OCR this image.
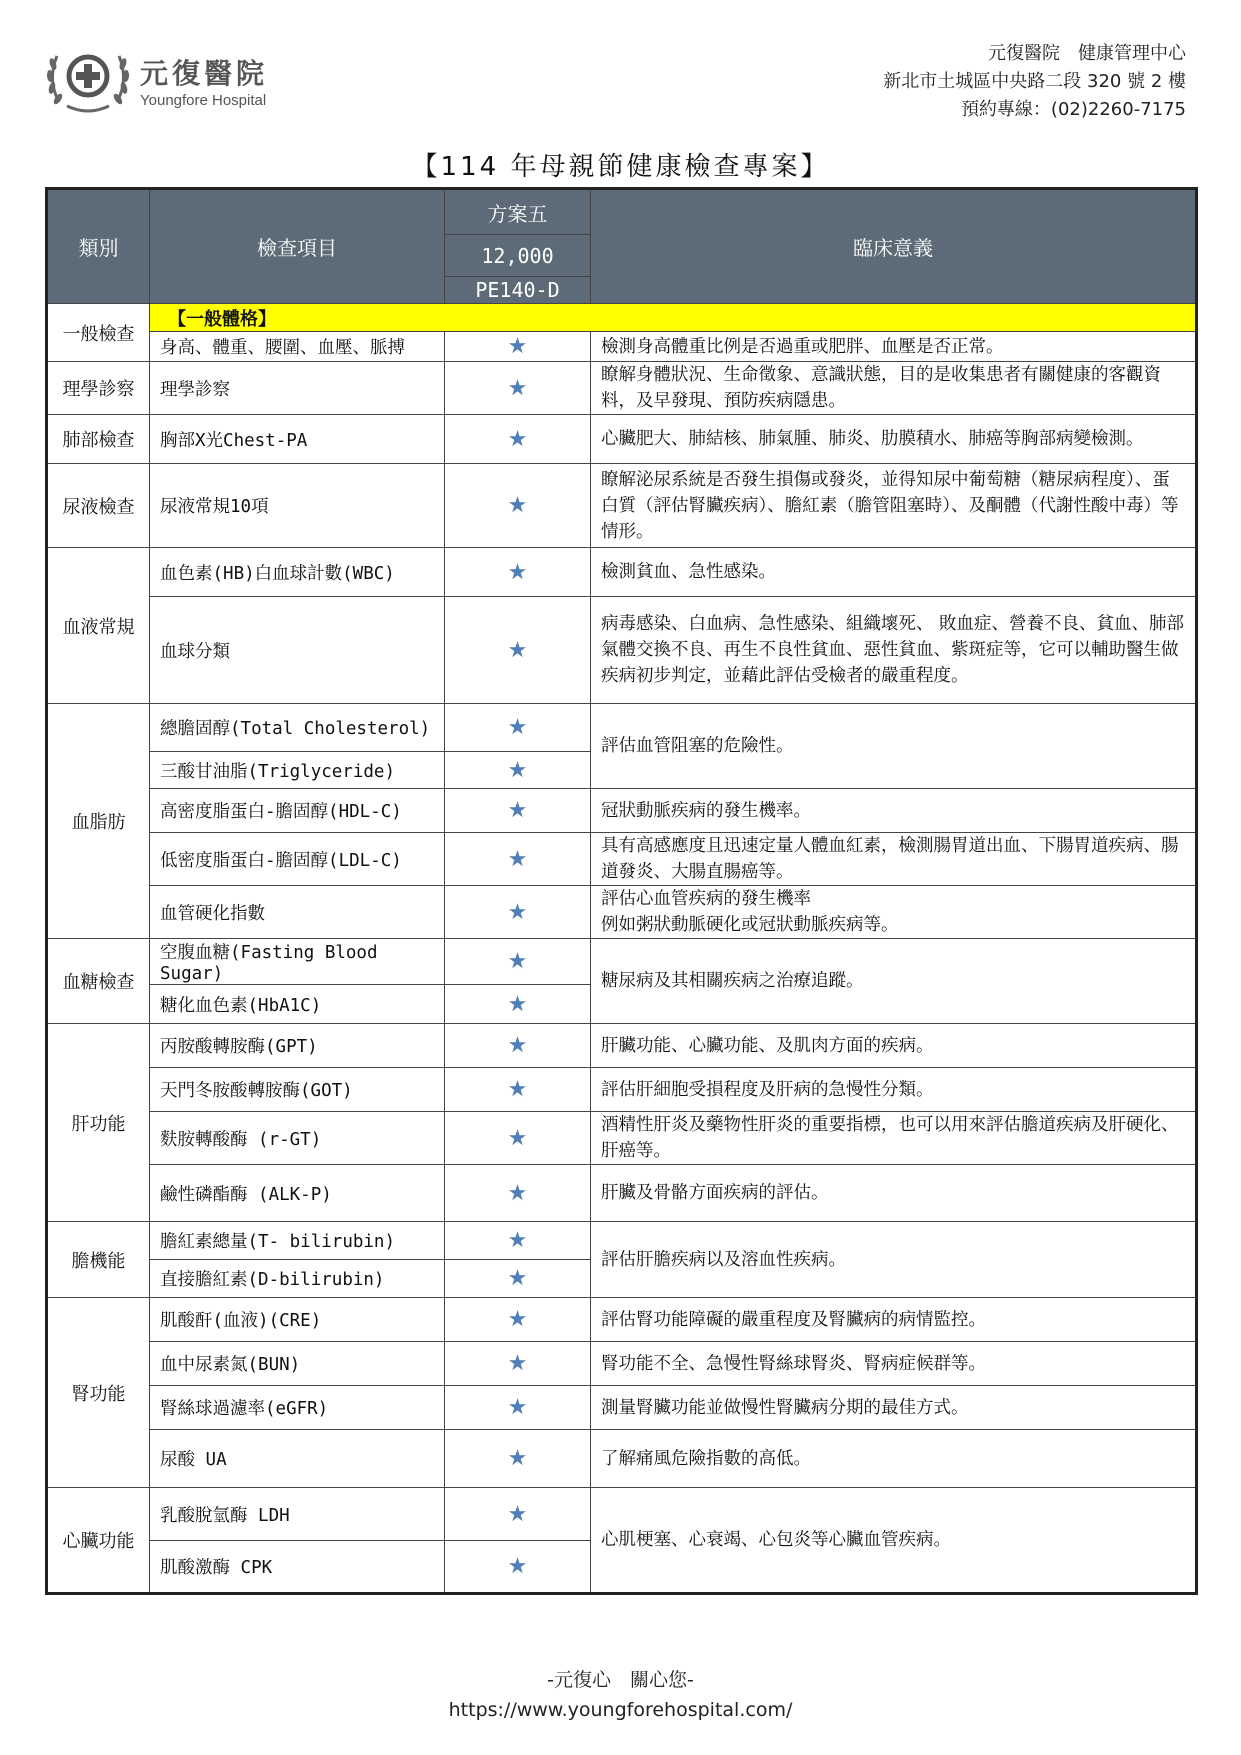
元復醫院
Youngfore Hospital
元復醫院　健康管理中心
新北市土城區中央路二段 320 號 2 樓
預約專線：(02)2260-7175
【114 年母親節健康檢查專案】
類別	檢查項目	方案五	臨床意義
		12,000	
		PE140-D	
一般檢查	【一般體格】		
	身高、體重、腰圍、血壓、脈搏	★	檢測身高體重比例是否過重或肥胖、血壓是否正常。
理學診察	理學診察	★	瞭解身體狀況、生命徵象、意識狀態，目的是收集患者有關健康的客觀資料，及早發現、預防疾病隱患。
肺部檢查	胸部X光Chest-PA	★	心臟肥大、肺結核、肺氣腫、肺炎、肋膜積水、肺癌等胸部病變檢測。
尿液檢查	尿液常規10項	★	瞭解泌尿系統是否發生損傷或發炎，並得知尿中葡萄糖（糖尿病程度）、蛋白質（評估腎臟疾病）、膽紅素（膽管阻塞時）、及酮體（代謝性酸中毒）等情形。
血液常規	血色素(HB)白血球計數(WBC)	★	檢測貧血、急性感染。
	血球分類	★	病毒感染、白血病、急性感染、組織壞死、 敗血症、營養不良、貧血、肺部氣體交換不良、再生不良性貧血、惡性貧血、紫斑症等，它可以輔助醫生做疾病初步判定，並藉此評估受檢者的嚴重程度。
血脂肪	總膽固醇(Total Cholesterol)	★	評估血管阻塞的危險性。
	三酸甘油脂(Triglyceride)	★	
	高密度脂蛋白-膽固醇(HDL-C)	★	冠狀動脈疾病的發生機率。
	低密度脂蛋白-膽固醇(LDL-C)	★	具有高感應度且迅速定量人體血紅素，檢測腸胃道出血、下腸胃道疾病、腸道發炎、大腸直腸癌等。
	血管硬化指數	★	評估心血管疾病的發生機率
例如粥狀動脈硬化或冠狀動脈疾病等。

血糖檢查	空腹血糖(Fasting Blood Sugar)	★	糖尿病及其相關疾病之治療追蹤。
	糖化血色素(HbA1C)	★	
肝功能	丙胺酸轉胺酶(GPT)	★	肝臟功能、心臟功能、及肌肉方面的疾病。
	天門冬胺酸轉胺酶(GOT)	★	評估肝細胞受損程度及肝病的急慢性分類。
	麩胺轉酸酶 (r-GT)	★	酒精性肝炎及藥物性肝炎的重要指標，也可以用來評估膽道疾病及肝硬化、肝癌等。
	鹼性磷酯酶 (ALK-P)	★	肝臟及骨骼方面疾病的評估。
膽機能	膽紅素總量(T- bilirubin)	★	評估肝膽疾病以及溶血性疾病。
	直接膽紅素(D-bilirubin)	★	
腎功能	肌酸酐(血液)(CRE)	★	評估腎功能障礙的嚴重程度及腎臟病的病情監控。
	血中尿素氮(BUN)	★	腎功能不全、急慢性腎絲球腎炎、腎病症候群等。
	腎絲球過濾率(eGFR)	★	測量腎臟功能並做慢性腎臟病分期的最佳方式。
	尿酸 UA	★	了解痛風危險指數的高低。
心臟功能	乳酸脫氫酶 LDH	★	心肌梗塞、心衰竭、心包炎等心臟血管疾病。
	肌酸激酶 CPK	★	
-元復心　關心您-
https://www.youngforehospital.com/
